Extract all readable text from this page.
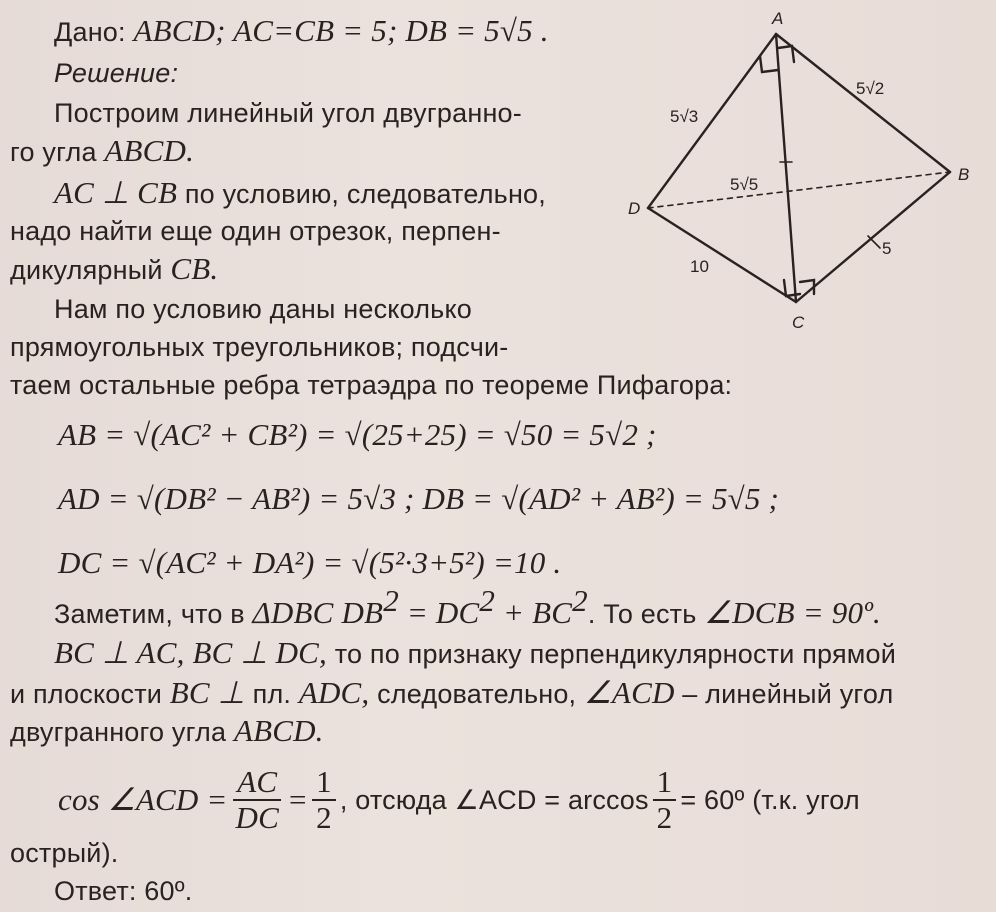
Дано: ABCD; AC=CB = 5; DB = 5√5 .
Решение:
Построим линейный угол двугранно-
го угла ABCD.
AC ⊥ CB по условию, следовательно,
надо найти еще один отрезок, перпен-
дикулярный CB.
Нам по условию даны несколько
прямоугольных треугольников; подсчи-
таем остальные ребра тетраэдра по теореме Пифагора:
AB = √(AC² + CB²) = √(25+25) = √50 = 5√2 ;
AD = √(DB² − AB²) = 5√3 ; DB = √(AD² + AB²) = 5√5 ;
DC = √(AC² + DA²) = √(5²·3+5²) =10 .
Заметим, что в ΔDBC $DB^2 = DC^2 + BC^2$. То есть ∠DCB = 90º.
BC ⊥ AC, BC ⊥ DC, то по признаку перпендикулярности прямой
и плоскости BC ⊥ пл. ADC, следовательно, ∠ACD – линейный угол
двугранного угла ABCD.
cos ∠ACD = $\frac{AC}{DC} = \frac{1}{2}$ , отсюда ∠ACD = $\arccos \frac{1}{2}$ = 60º (т.к. угол
острый).
Ответ: 60º.
A
B
C
D
5√3
5√2
5√5
10
5
